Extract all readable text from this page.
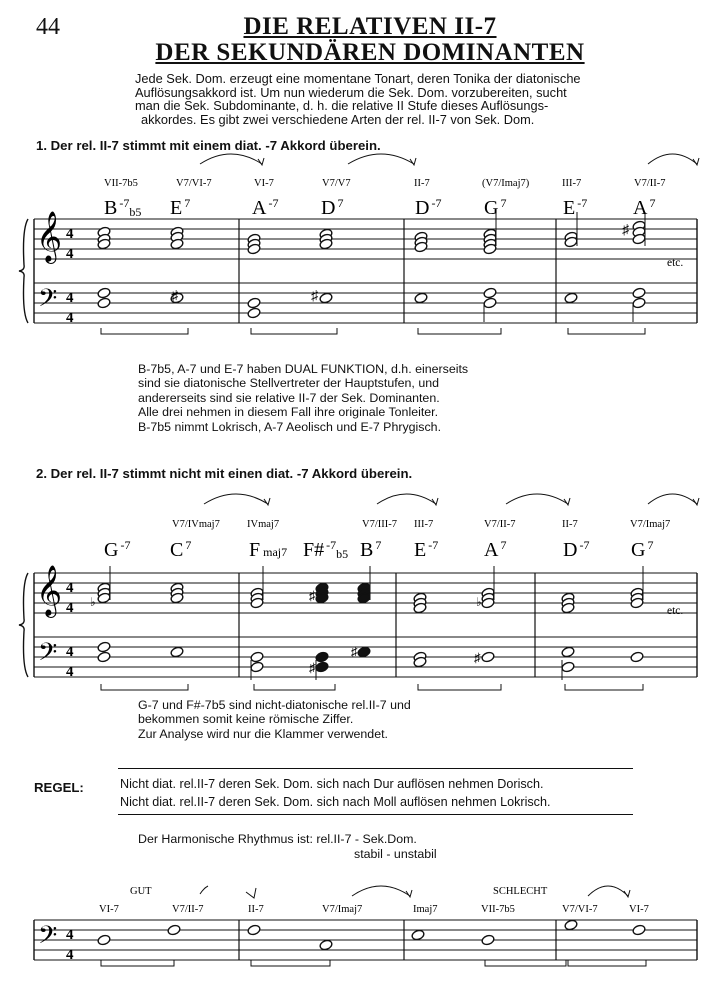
44	DIE RELATIVEN II-7
DER SEKUNDÄREN DOMINANTEN
Jede Sek. Dom. erzeugt eine momentane Tonart, deren Tonika der diatonische
Auflösungsakkord ist. Um nun wiederum die Sek. Dom. vorzubereiten, sucht
man die Sek. Subdominante, d. h. die relative II Stufe dieses Auflösungs-
akkordes. Es gibt zwei verschiedene Arten der rel. II-7 von Sek. Dom.
1. Der rel. II-7 stimmt mit einem diat. -7 Akkord überein.
2. Der rel. II-7 stimmt nicht mit einen diat. -7 Akkord überein.
𝄞
𝄢
4
4
4
4
♯	♯
♯
etc.
VII-7b5	V7/VI-7	VI-7	V7/V7	II-7	(V7/Imaj7)	III-7	V7/II-7
B $^{-7}_{b5}$ E $^7$	A $^{-7}$ D $^7$	D $^{-7}$ G $^7$	E $^{-7}$ A $^7$
𝄞
𝄢
4
4
4
4
♭	♭
♯
♯
♯	♯
etc.
V7/IVmaj7	IVmaj7	V7/III-7 III-7	V7/II-7	II-7	V7/Imaj7
G $^{-7}$ C $^7$	Fmaj7 F# $^{-7}_{b5}$ B $^7$ E $^{-7}$ A $^7$	D $^{-7}$ G $^7$
𝄢 4
4
GUT	SCHLECHT
VI-7	V7/II-7	II-7	V7/Imaj7	Imaj7	VII-7b5	V7/VI-7	VI-7
B-7b5, A-7 und E-7 haben DUAL FUNKTION, d.h. einerseits
sind sie diatonische Stellvertreter der Hauptstufen, und
andererseits sind sie relative II-7 der Sek. Dominanten.
Alle drei nehmen in diesem Fall ihre originale Tonleiter.
B-7b5 nimmt Lokrisch, A-7 Aeolisch und E-7 Phrygisch.
G-7 und F#-7b5 sind nicht-diatonische rel.II-7 und
bekommen somit keine römische Ziffer.
Zur Analyse wird nur die Klammer verwendet.
REGEL:	Nicht diat. rel.II-7 deren Sek. Dom. sich nach Dur auflösen nehmen Dorisch.
Nicht diat. rel.II-7 deren Sek. Dom. sich nach Moll auflösen nehmen Lokrisch.
Der Harmonische Rhythmus ist: rel.II-7 - Sek.Dom.
stabil - unstabil
